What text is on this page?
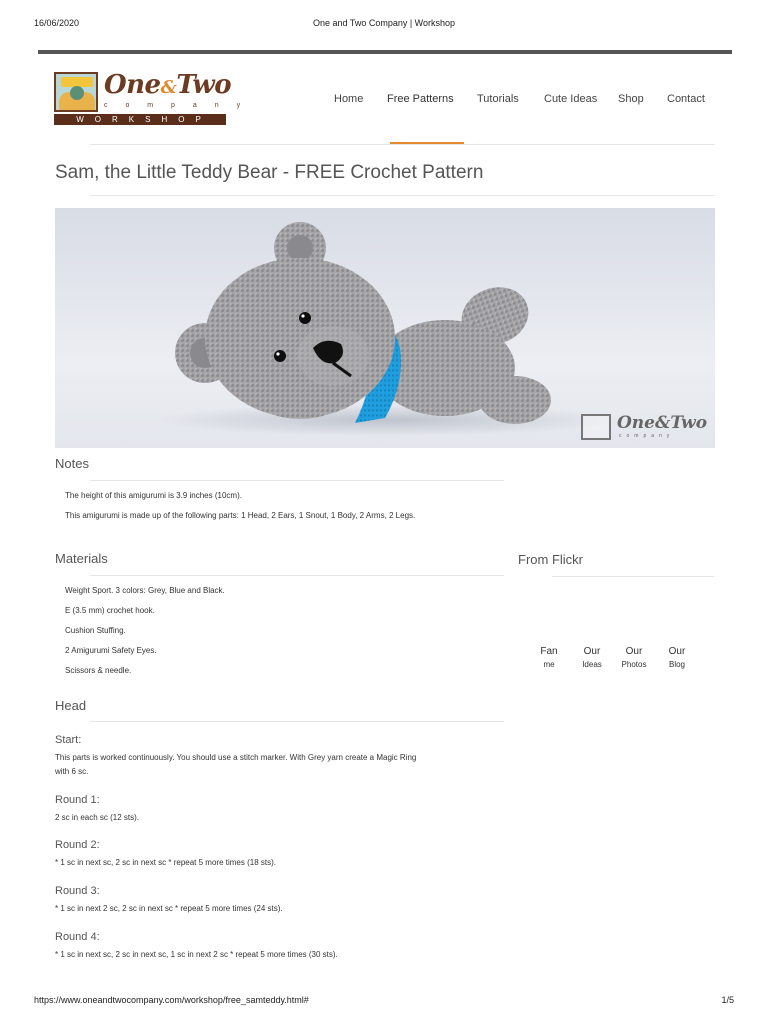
16/06/2020	One and Two Company | Workshop
One&Two
c o m p a n y
WORKSHOP
Home Free Patterns Tutorials Cute Ideas Shop Contact
Sam, the Little Teddy Bear - FREE Crochet Pattern
One&Two
company
Notes
The height of this amigurumi is 3.9 inches (10cm).
This amigurumi is made up of the following parts: 1 Head, 2 Ears, 1 Snout, 1 Body, 2 Arms, 2 Legs.
Materials
Weight Sport. 3 colors: Grey, Blue and Black.
E (3.5 mm) crochet hook.
Cushion Stuffing.
2 Amigurumi Safety Eyes.
Scissors & needle.
From Flickr
Fan
me
Our
Ideas
Our
Photos
Our
Blog
Head
Start:
This parts is worked continuously. You should use a stitch marker. With Grey yarn create a Magic Ring
with 6 sc.
Round 1:
2 sc in each sc (12 sts).
Round 2:
* 1 sc in next sc, 2 sc in next sc * repeat 5 more times (18 sts).
Round 3:
* 1 sc in next 2 sc, 2 sc in next sc * repeat 5 more times (24 sts).
Round 4:
* 1 sc in next sc, 2 sc in next sc, 1 sc in next 2 sc * repeat 5 more times (30 sts).
https://www.oneandtwocompany.com/workshop/free_samteddy.html#	1/5
